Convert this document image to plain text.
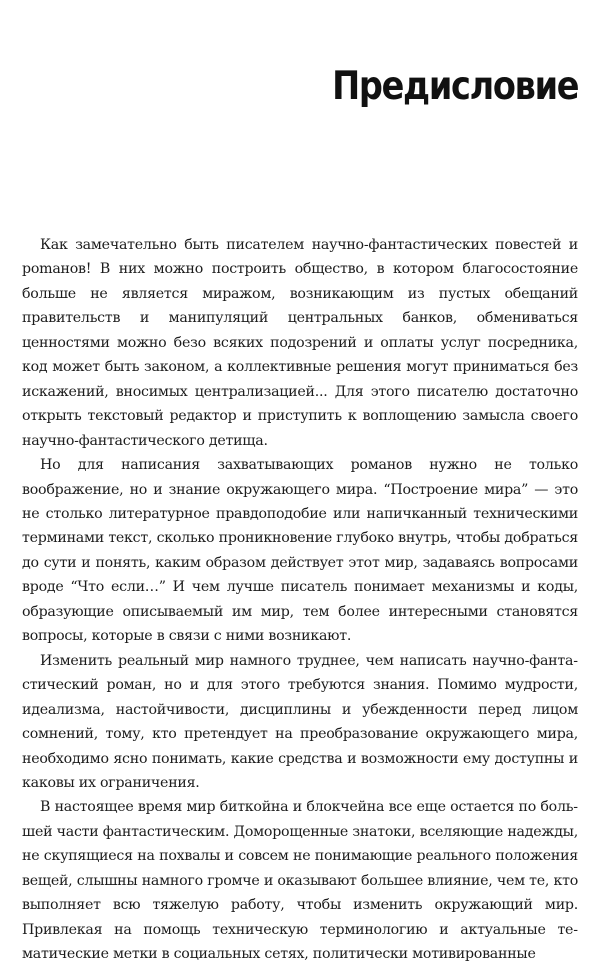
Предисловие

Как замечательно быть писателем научно-фантастических повестей и роmанов! В них можно построить общество, в котором благосостояние больше не является миражом, возникающим из пустых обещаний правительств и манипуляций центральных банков, обмениваться ценностями можно безо всяких подозрений и оплаты услуг посредника, код может быть законом, а коллективные решения могут приниматься без искажений, вносимых централизацией... Для этого писателю достаточно открыть текстовый редактор и приступить к воплощению замысла своего научно-фантастического детища.

Но для написания захватывающих романов нужно не только воображение, но и знание окружающего мира. “Построение мира” — это не столько литературное правдоподобие или напичканный техническими терминами текст, сколько проникновение глубоко внутрь, чтобы добраться до сути и понять, каким образом действует этот мир, задаваясь вопросами вроде “Что если…” И чем лучше писатель понимает механизмы и коды, образующие описываемый им мир, тем более интересными становятся вопросы, которые в связи с ними возникают.

Изменить реальный мир намного труднее, чем написать научно-фантастический роман, но и для этого требуются знания. Помимо мудрости, идеализма, настойчивости, дисциплины и убежденности перед лицом сомнений, тому, кто претендует на преобразование окружающего мира, необходимо ясно понимать, какие средства и возможности ему доступны и каковы их ограничения.

В настоящее время мир биткойна и блокчейна все еще остается по большей части фантастическим. Доморощенные знатоки, вселяющие надежды, не скупящиеся на похвалы и совсем не понимающие реального положения вещей, слышны намного громче и оказывают большее влияние, чем те, кто выполняет всю тяжелую работу, чтобы изменить окружающий мир. Привлекая на помощь техническую терминологию и актуальные тематические метки в социальных сетях, политически мотивированные
